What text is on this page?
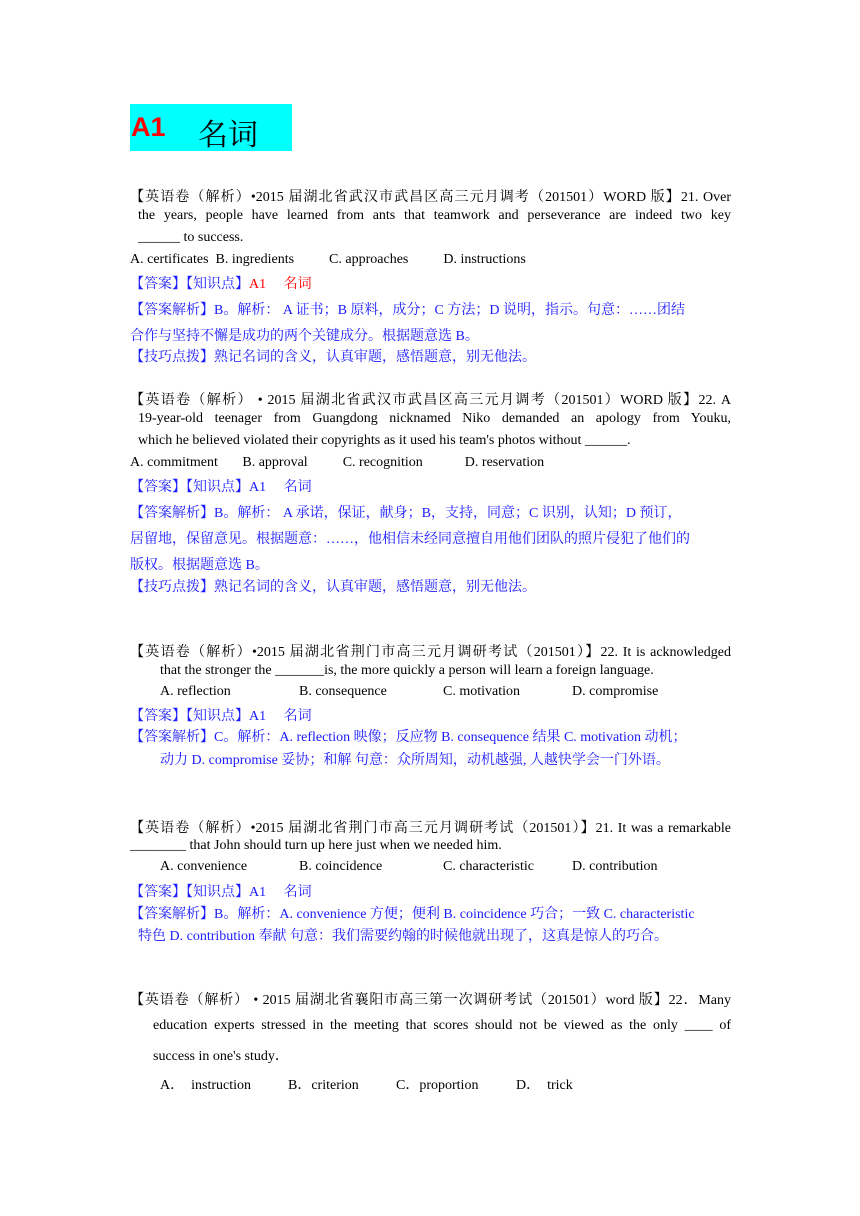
A1 名词
【英语卷（解析）•2015 届湖北省武汉市武昌区高三元月调考（201501）WORD 版】21. Over
the years, people have learned from ants that teamwork and perseverance are indeed two key
______ to success.
A. certificates  B. ingredients          C. approaches          D. instructions
【答案】【知识点】A1　 名词
【答案解析】B。解析： A 证书；B 原料，成分；C 方法；D 说明，指示。句意：……团结
合作与坚持不懈是成功的两个关键成分。根据题意选 B。
【技巧点拨】熟记名词的含义，认真审题，感悟题意，别无他法。
【英语卷（解析） • 2015 届湖北省武汉市武昌区高三元月调考（201501）WORD 版】22. A
19-year-old teenager from Guangdong nicknamed Niko demanded an apology from Youku,
which he believed violated their copyrights as it used his team's photos without ______.
A. commitment       B. approval          C. recognition            D. reservation
【答案】【知识点】A1　 名词
【答案解析】B。解析： A 承诺，保证，献身；B，支持，同意；C 识别，认知；D 预订，
居留地，保留意见。根据题意：……，他相信未经同意擅自用他们团队的照片侵犯了他们的
版权。根据题意选 B。
【技巧点拨】熟记名词的含义，认真审题，感悟题意，别无他法。
【英语卷（解析）•2015 届湖北省荆门市高三元月调研考试（201501）】22. It is acknowledged
that the stronger the _______is, the more quickly a person will learn a foreign language.
A. reflection	B. consequence	C. motivation	D. compromise
【答案】【知识点】A1　 名词
【答案解析】C。解析：A. reflection 映像；反应物 B. consequence 结果 C. motivation 动机；
动力 D. compromise 妥协；和解 句意：众所周知，动机越强, 人越快学会一门外语。
【英语卷（解析）•2015 届湖北省荆门市高三元月调研考试（201501）】21. It was a remarkable
________ that John should turn up here just when we needed him.
A. convenience	B. coincidence	C. characteristic	D. contribution
【答案】【知识点】A1　 名词
【答案解析】B。解析：A. convenience 方便；便利 B. coincidence 巧合；一致 C. characteristic
特色 D. contribution 奉献 句意：我们需要约翰的时候他就出现了，这真是惊人的巧合。
【英语卷（解析） • 2015 届湖北省襄阳市高三第一次调研考试（201501）word 版】22．Many
education experts stressed in the meeting that scores should not be viewed as the only ____ of
success in one's study．
A．  instruction	B．criterion	C．proportion	D．  trick
